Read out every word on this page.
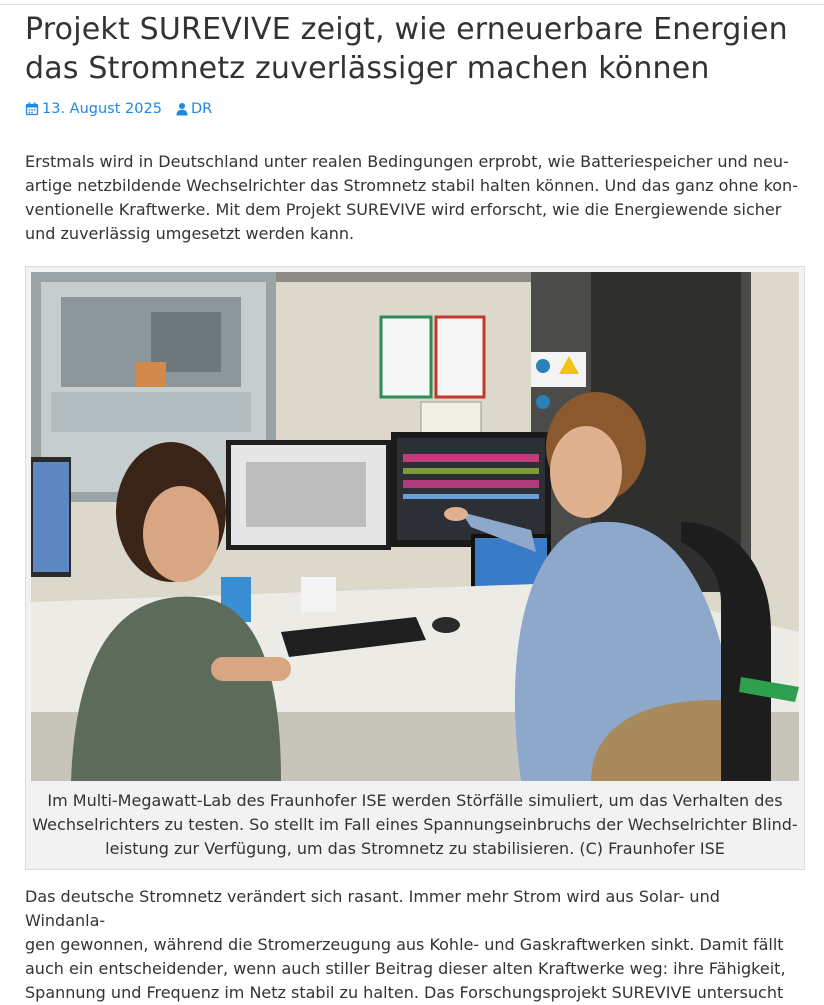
Projekt SUREVIVE zeigt, wie erneuerbare Energien
das Stromnetz zuverlässiger machen können
13. August 2025 DR

Erstmals wird in Deutschland unter realen Bedingungen erprobt, wie Batteriespeicher und neu-
artige netzbildende Wechselrichter das Stromnetz stabil halten können. Und das ganz ohne kon-
ventionelle Kraftwerke. Mit dem Projekt SUREVIVE wird erforscht, wie die Energiewende sicher
und zuverlässig umgesetzt werden kann.

Im Multi-Megawatt-Lab des Fraunhofer ISE werden Störfälle simuliert, um das Verhalten des
Wechselrichters zu testen. So stellt im Fall eines Spannungseinbruchs der Wechselrichter Blind-
leistung zur Verfügung, um das Stromnetz zu stabilisieren. (C) Fraunhofer ISE

Das deutsche Stromnetz verändert sich rasant. Immer mehr Strom wird aus Solar- und Windanla-
gen gewonnen, während die Stromerzeugung aus Kohle- und Gaskraftwerken sinkt. Damit fällt
auch ein entscheidender, wenn auch stiller Beitrag dieser alten Kraftwerke weg: ihre Fähigkeit,
Spannung und Frequenz im Netz stabil zu halten. Das Forschungsprojekt SUREVIVE untersucht
